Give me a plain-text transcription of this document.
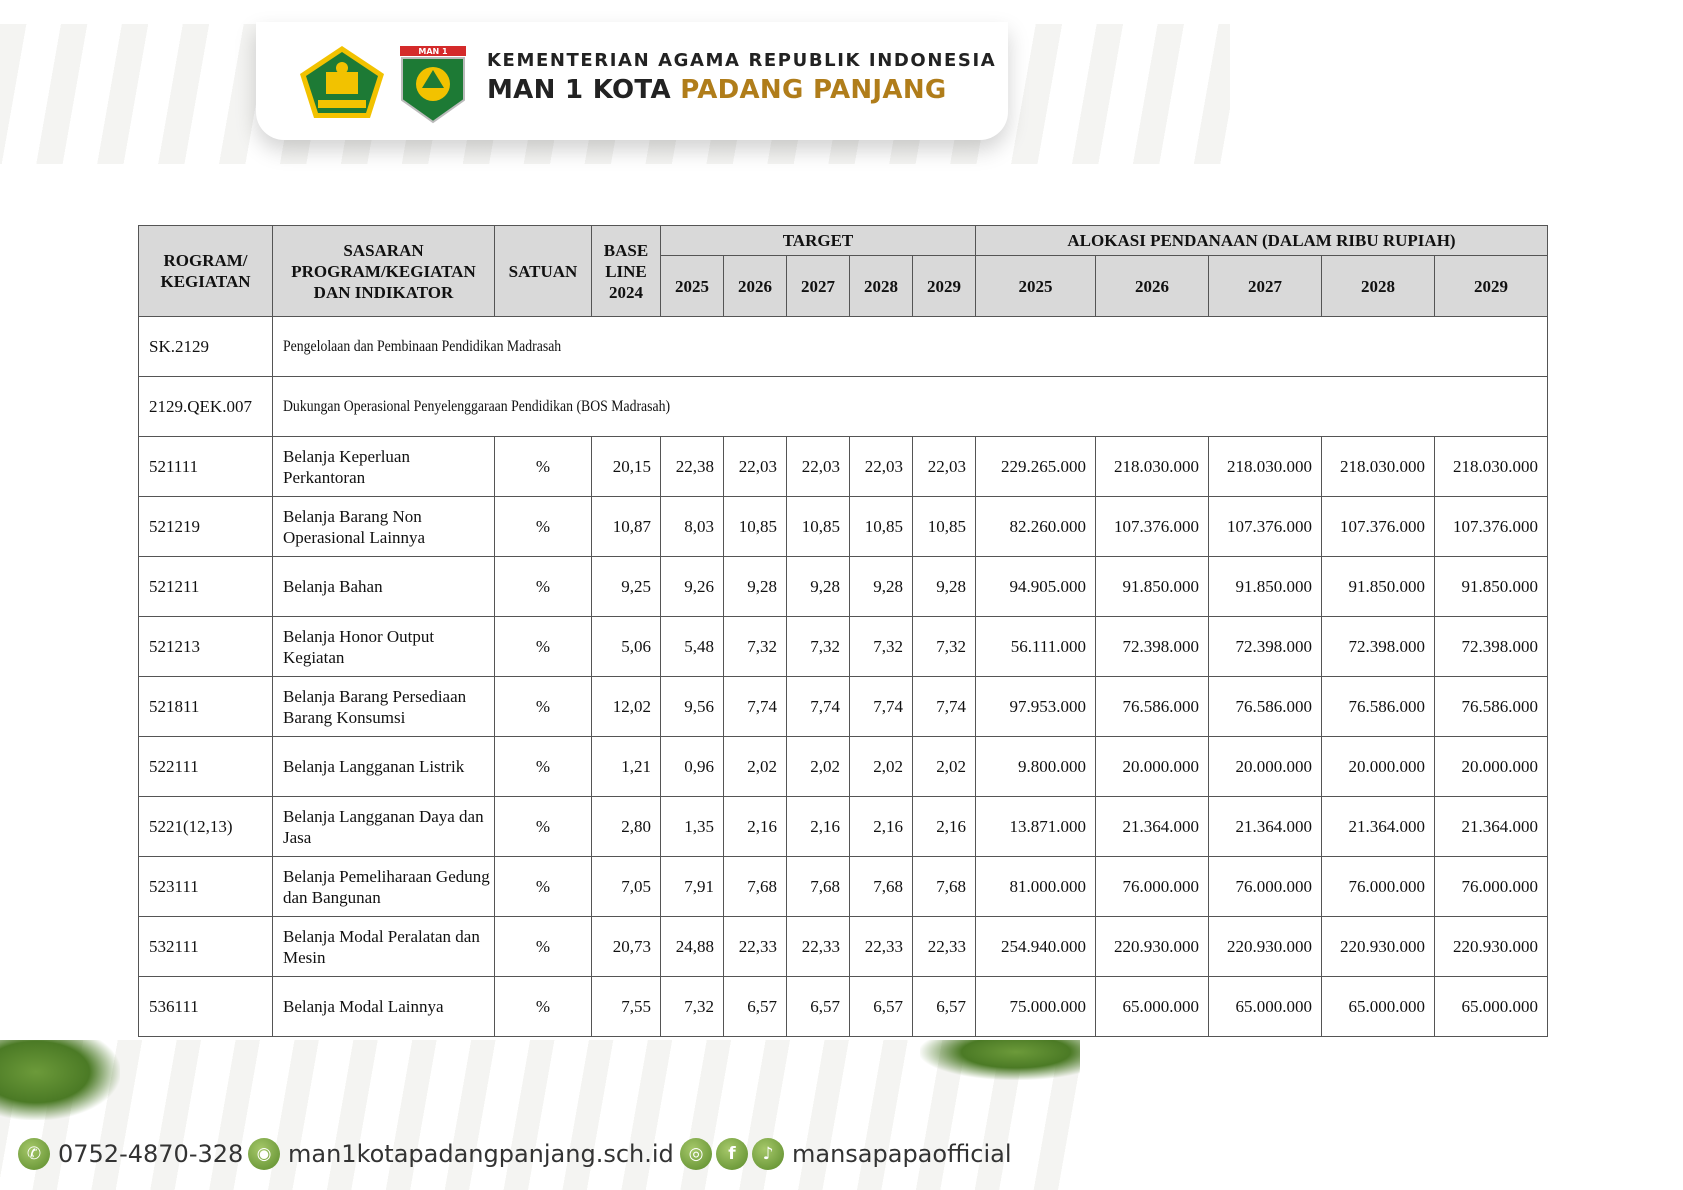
MAN 1 KEMENTERIAN AGAMA REPUBLIK INDONESIA
MAN 1 KOTA PADANG PANJANG
ROGRAM/ KEGIATAN	SASARAN PROGRAM/KEGIATAN DAN INDIKATOR	SATUAN	BASE LINE 2024	TARGET					ALOKASI PENDANAAN (DALAM RIBU RUPIAH)				
				2025	2026	2027	2028	2029	2025	2026	2027	2028	2029
SK.2129	Pengelolaan dan Pembinaan Pendidikan Madrasah												
2129.QEK.007	Dukungan Operasional Penyelenggaraan Pendidikan (BOS Madrasah)												
521111	Belanja Keperluan Perkantoran	%	20,15	22,38	22,03	22,03	22,03	22,03	229.265.000	218.030.000	218.030.000	218.030.000	218.030.000
521219	Belanja Barang Non Operasional Lainnya	%	10,87	8,03	10,85	10,85	10,85	10,85	82.260.000	107.376.000	107.376.000	107.376.000	107.376.000
521211	Belanja Bahan	%	9,25	9,26	9,28	9,28	9,28	9,28	94.905.000	91.850.000	91.850.000	91.850.000	91.850.000
521213	Belanja Honor Output Kegiatan	%	5,06	5,48	7,32	7,32	7,32	7,32	56.111.000	72.398.000	72.398.000	72.398.000	72.398.000
521811	Belanja Barang Persediaan Barang Konsumsi	%	12,02	9,56	7,74	7,74	7,74	7,74	97.953.000	76.586.000	76.586.000	76.586.000	76.586.000
522111	Belanja Langganan Listrik	%	1,21	0,96	2,02	2,02	2,02	2,02	9.800.000	20.000.000	20.000.000	20.000.000	20.000.000
5221(12,13)	Belanja Langganan Daya dan Jasa	%	2,80	1,35	2,16	2,16	2,16	2,16	13.871.000	21.364.000	21.364.000	21.364.000	21.364.000
523111	Belanja Pemeliharaan Gedung dan Bangunan	%	7,05	7,91	7,68	7,68	7,68	7,68	81.000.000	76.000.000	76.000.000	76.000.000	76.000.000
532111	Belanja Modal Peralatan dan Mesin	%	20,73	24,88	22,33	22,33	22,33	22,33	254.940.000	220.930.000	220.930.000	220.930.000	220.930.000
536111	Belanja Modal Lainnya	%	7,55	7,32	6,57	6,57	6,57	6,57	75.000.000	65.000.000	65.000.000	65.000.000	65.000.000
✆ 0752-4870-328 ◉ man1kotapadangpanjang.sch.id ◎	f	♪ mansapapaofficial
